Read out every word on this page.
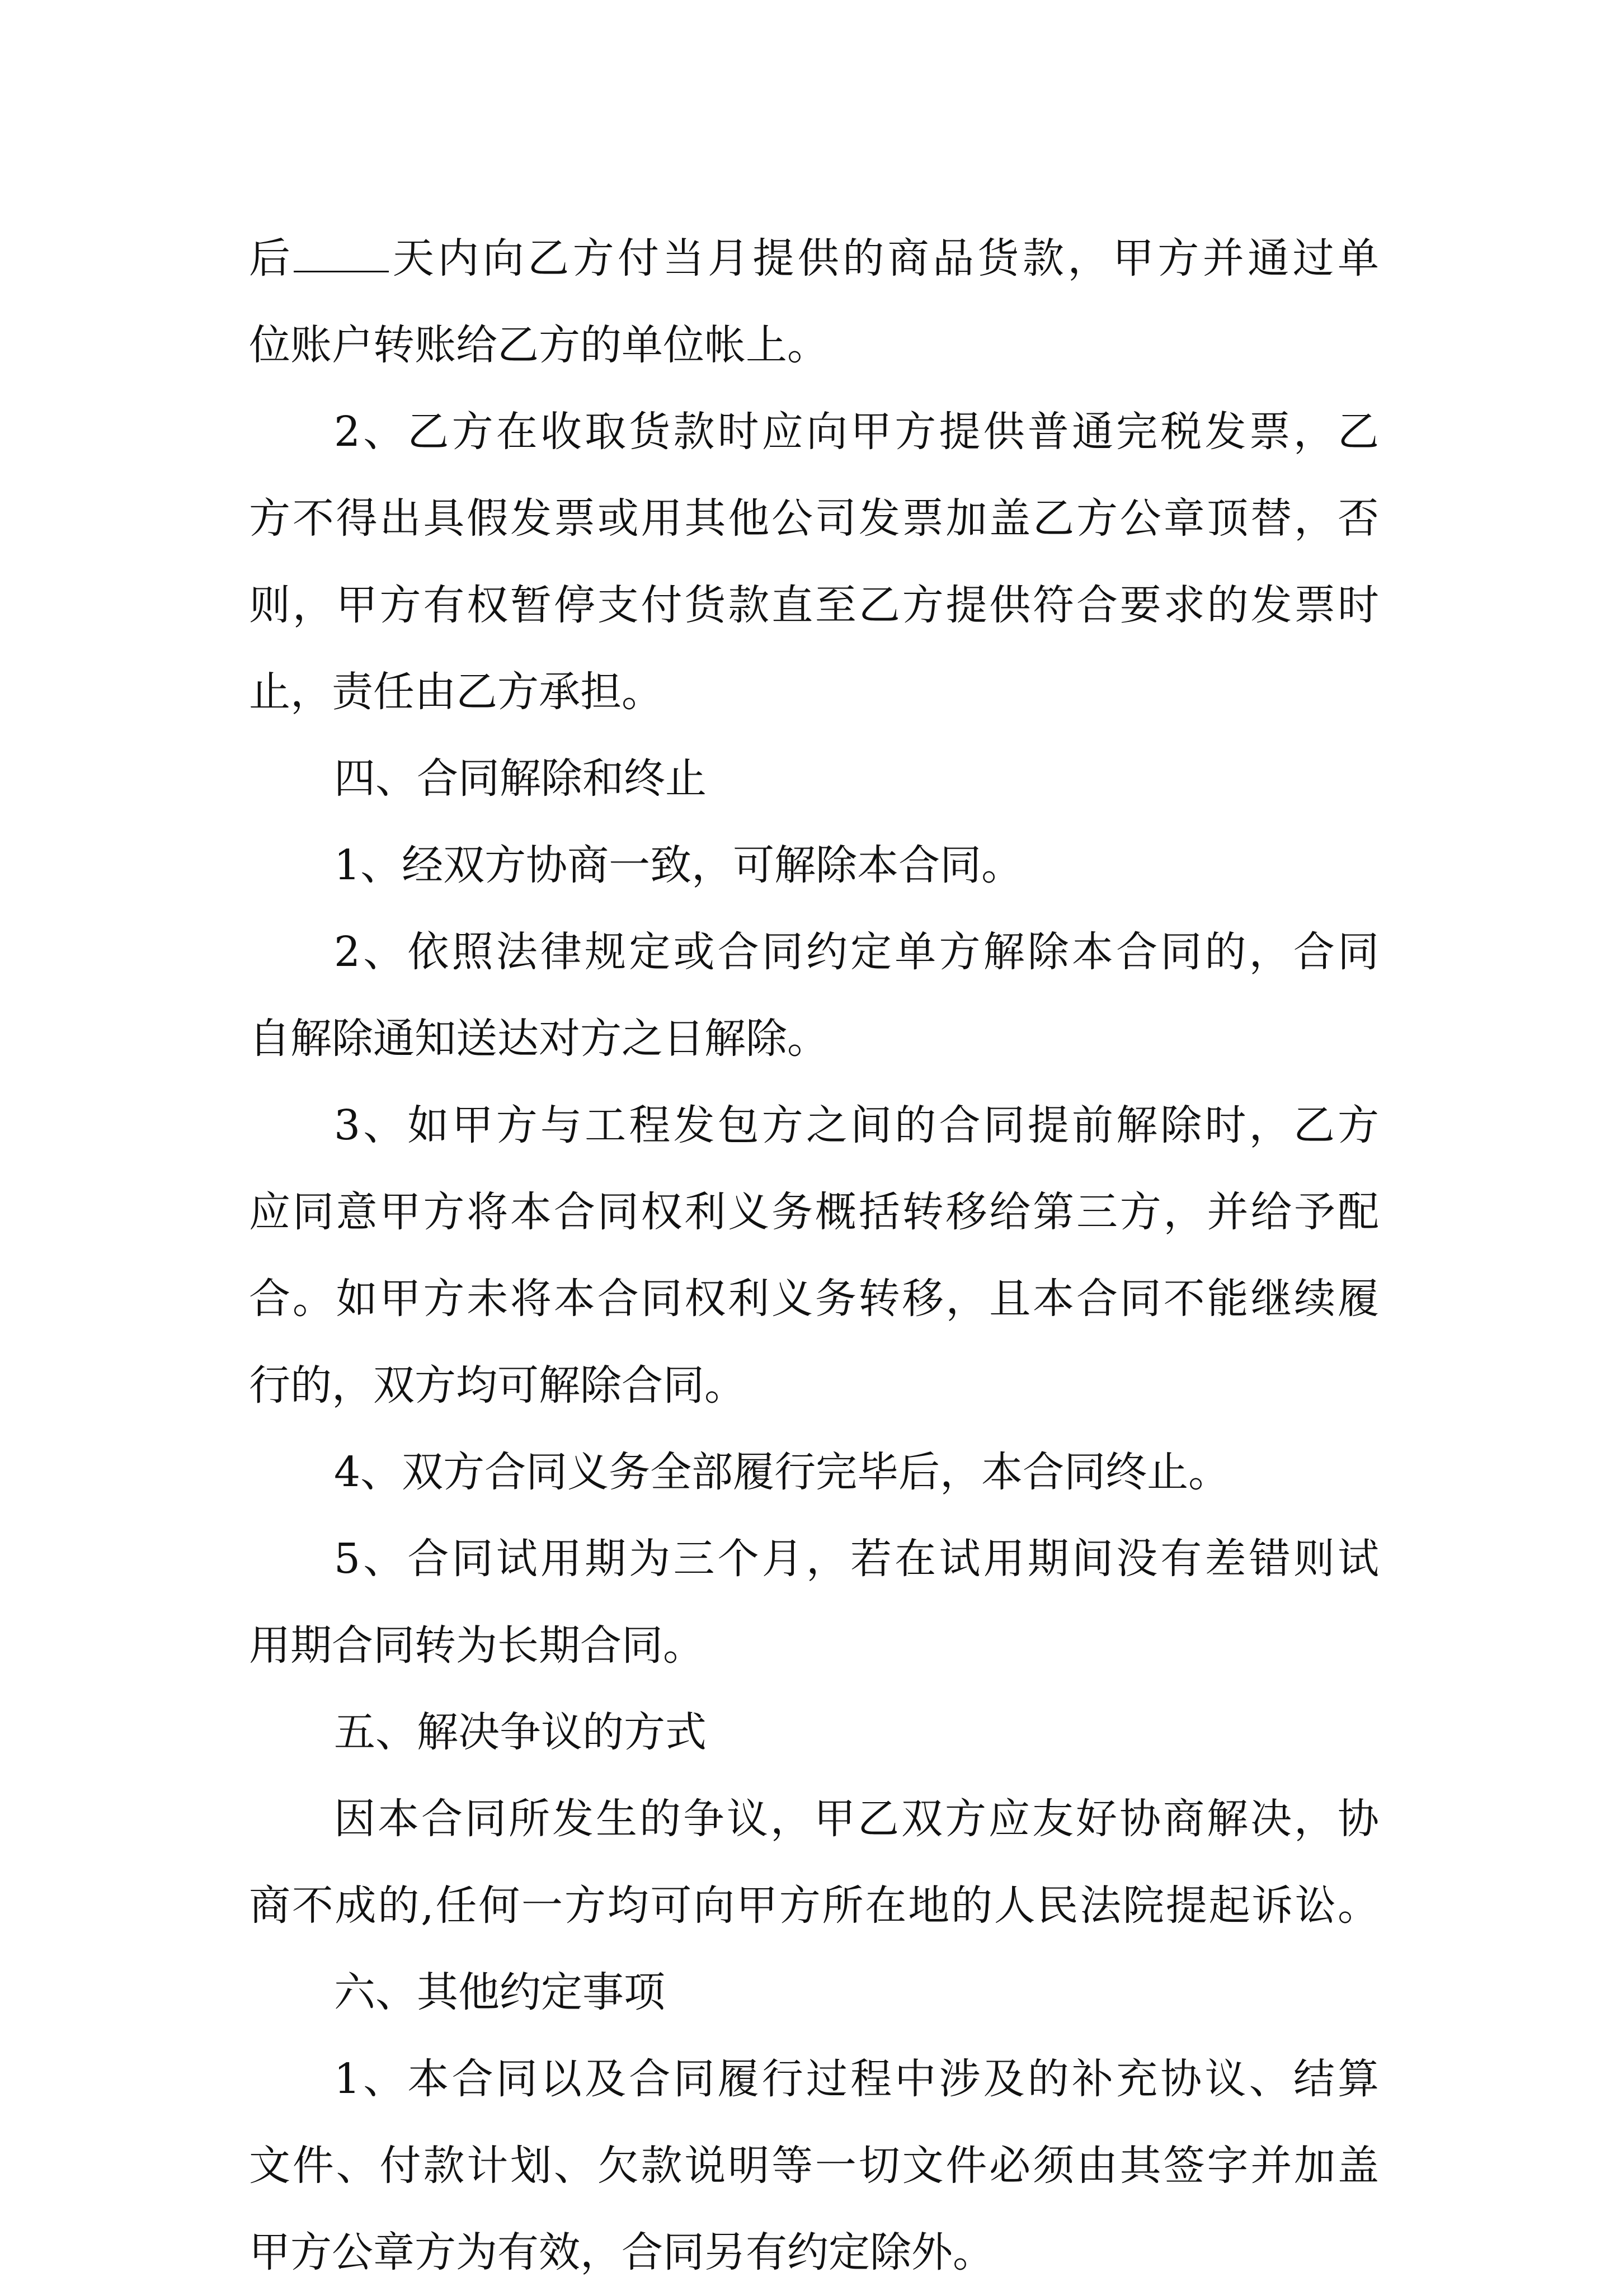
后 天内向乙方付当月提供的商品货款，甲方并通过单
位账户转账给乙方的单位帐上。
2、乙方在收取货款时应向甲方提供普通完税发票，乙
方不得出具假发票或用其他公司发票加盖乙方公章顶替，否
则，甲方有权暂停支付货款直至乙方提供符合要求的发票时
止，责任由乙方承担。
四、合同解除和终止
1、经双方协商一致，可解除本合同。
2、依照法律规定或合同约定单方解除本合同的，合同
自解除通知送达对方之日解除。
3、如甲方与工程发包方之间的合同提前解除时，乙方
应同意甲方将本合同权利义务概括转移给第三方，并给予配
合。如甲方未将本合同权利义务转移，且本合同不能继续履
行的，双方均可解除合同。
4、双方合同义务全部履行完毕后，本合同终止。
5、合同试用期为三个月，若在试用期间没有差错则试
用期合同转为长期合同。
五、解决争议的方式
因本合同所发生的争议，甲乙双方应友好协商解决，协
商不成的,任何一方均可向甲方所在地的人民法院提起诉讼。
六、其他约定事项
1、本合同以及合同履行过程中涉及的补充协议、结算
文件、付款计划、欠款说明等一切文件必须由其签字并加盖
甲方公章方为有效，合同另有约定除外。
